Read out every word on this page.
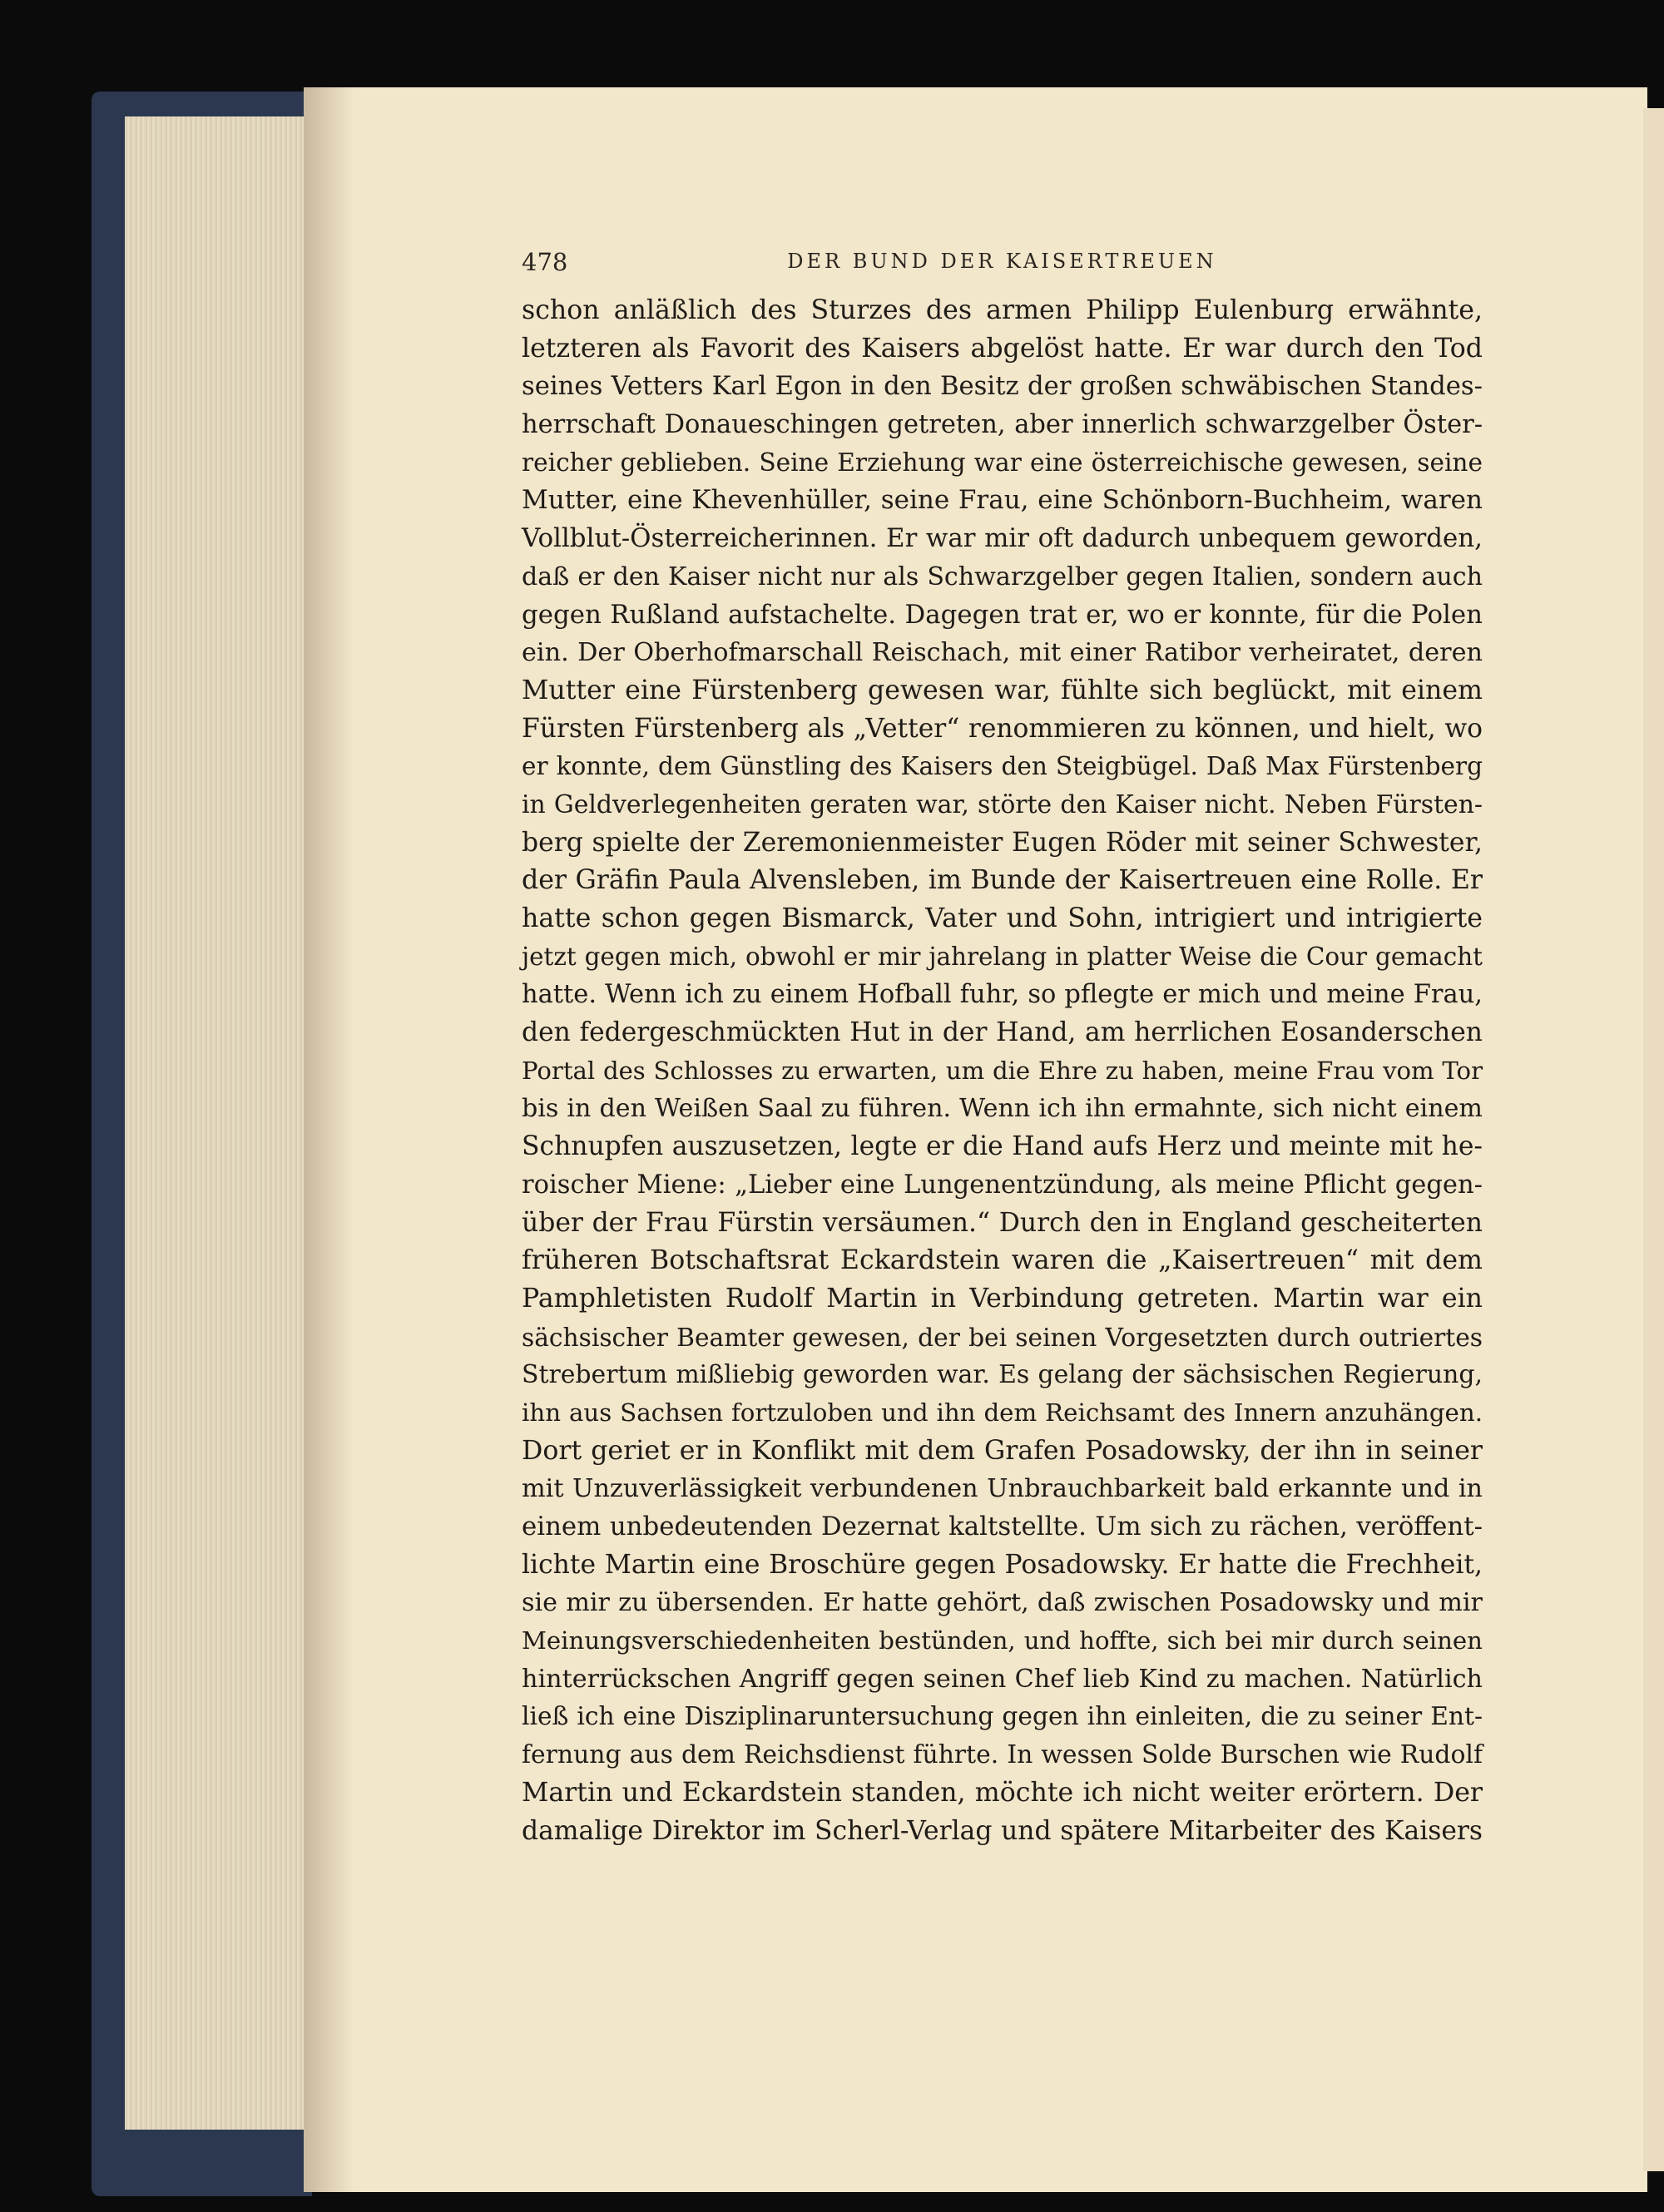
478	DER BUND DER KAISERTREUEN
schon anläßlich des Sturzes des armen Philipp Eulenburg erwähnte,
letzteren als Favorit des Kaisers abgelöst hatte. Er war durch den Tod
seines Vetters Karl Egon in den Besitz der großen schwäbischen Standes-
herrschaft Donaueschingen getreten, aber innerlich schwarzgelber Öster-
reicher geblieben. Seine Erziehung war eine österreichische gewesen, seine
Mutter, eine Khevenhüller, seine Frau, eine Schönborn-Buchheim, waren
Vollblut-Österreicherinnen. Er war mir oft dadurch unbequem geworden,
daß er den Kaiser nicht nur als Schwarzgelber gegen Italien, sondern auch
gegen Rußland aufstachelte. Dagegen trat er, wo er konnte, für die Polen
ein. Der Oberhofmarschall Reischach, mit einer Ratibor verheiratet, deren
Mutter eine Fürstenberg gewesen war, fühlte sich beglückt, mit einem
Fürsten Fürstenberg als „Vetter“ renommieren zu können, und hielt, wo
er konnte, dem Günstling des Kaisers den Steigbügel. Daß Max Fürstenberg
in Geldverlegenheiten geraten war, störte den Kaiser nicht. Neben Fürsten-
berg spielte der Zeremonienmeister Eugen Röder mit seiner Schwester,
der Gräfin Paula Alvensleben, im Bunde der Kaisertreuen eine Rolle. Er
hatte schon gegen Bismarck, Vater und Sohn, intrigiert und intrigierte
jetzt gegen mich, obwohl er mir jahrelang in platter Weise die Cour gemacht
hatte. Wenn ich zu einem Hofball fuhr, so pflegte er mich und meine Frau,
den federgeschmückten Hut in der Hand, am herrlichen Eosanderschen
Portal des Schlosses zu erwarten, um die Ehre zu haben, meine Frau vom Tor
bis in den Weißen Saal zu führen. Wenn ich ihn ermahnte, sich nicht einem
Schnupfen auszusetzen, legte er die Hand aufs Herz und meinte mit he-
roischer Miene: „Lieber eine Lungenentzündung, als meine Pflicht gegen-
über der Frau Fürstin versäumen.“ Durch den in England gescheiterten
früheren Botschaftsrat Eckardstein waren die „Kaisertreuen“ mit dem
Pamphletisten Rudolf Martin in Verbindung getreten. Martin war ein
sächsischer Beamter gewesen, der bei seinen Vorgesetzten durch outriertes
Strebertum mißliebig geworden war. Es gelang der sächsischen Regierung,
ihn aus Sachsen fortzuloben und ihn dem Reichsamt des Innern anzuhängen.
Dort geriet er in Konflikt mit dem Grafen Posadowsky, der ihn in seiner
mit Unzuverlässigkeit verbundenen Unbrauchbarkeit bald erkannte und in
einem unbedeutenden Dezernat kaltstellte. Um sich zu rächen, veröffent-
lichte Martin eine Broschüre gegen Posadowsky. Er hatte die Frechheit,
sie mir zu übersenden. Er hatte gehört, daß zwischen Posadowsky und mir
Meinungsverschiedenheiten bestünden, und hoffte, sich bei mir durch seinen
hinterrückschen Angriff gegen seinen Chef lieb Kind zu machen. Natürlich
ließ ich eine Disziplinaruntersuchung gegen ihn einleiten, die zu seiner Ent-
fernung aus dem Reichsdienst führte. In wessen Solde Burschen wie Rudolf
Martin und Eckardstein standen, möchte ich nicht weiter erörtern. Der
damalige Direktor im Scherl-Verlag und spätere Mitarbeiter des Kaisers
